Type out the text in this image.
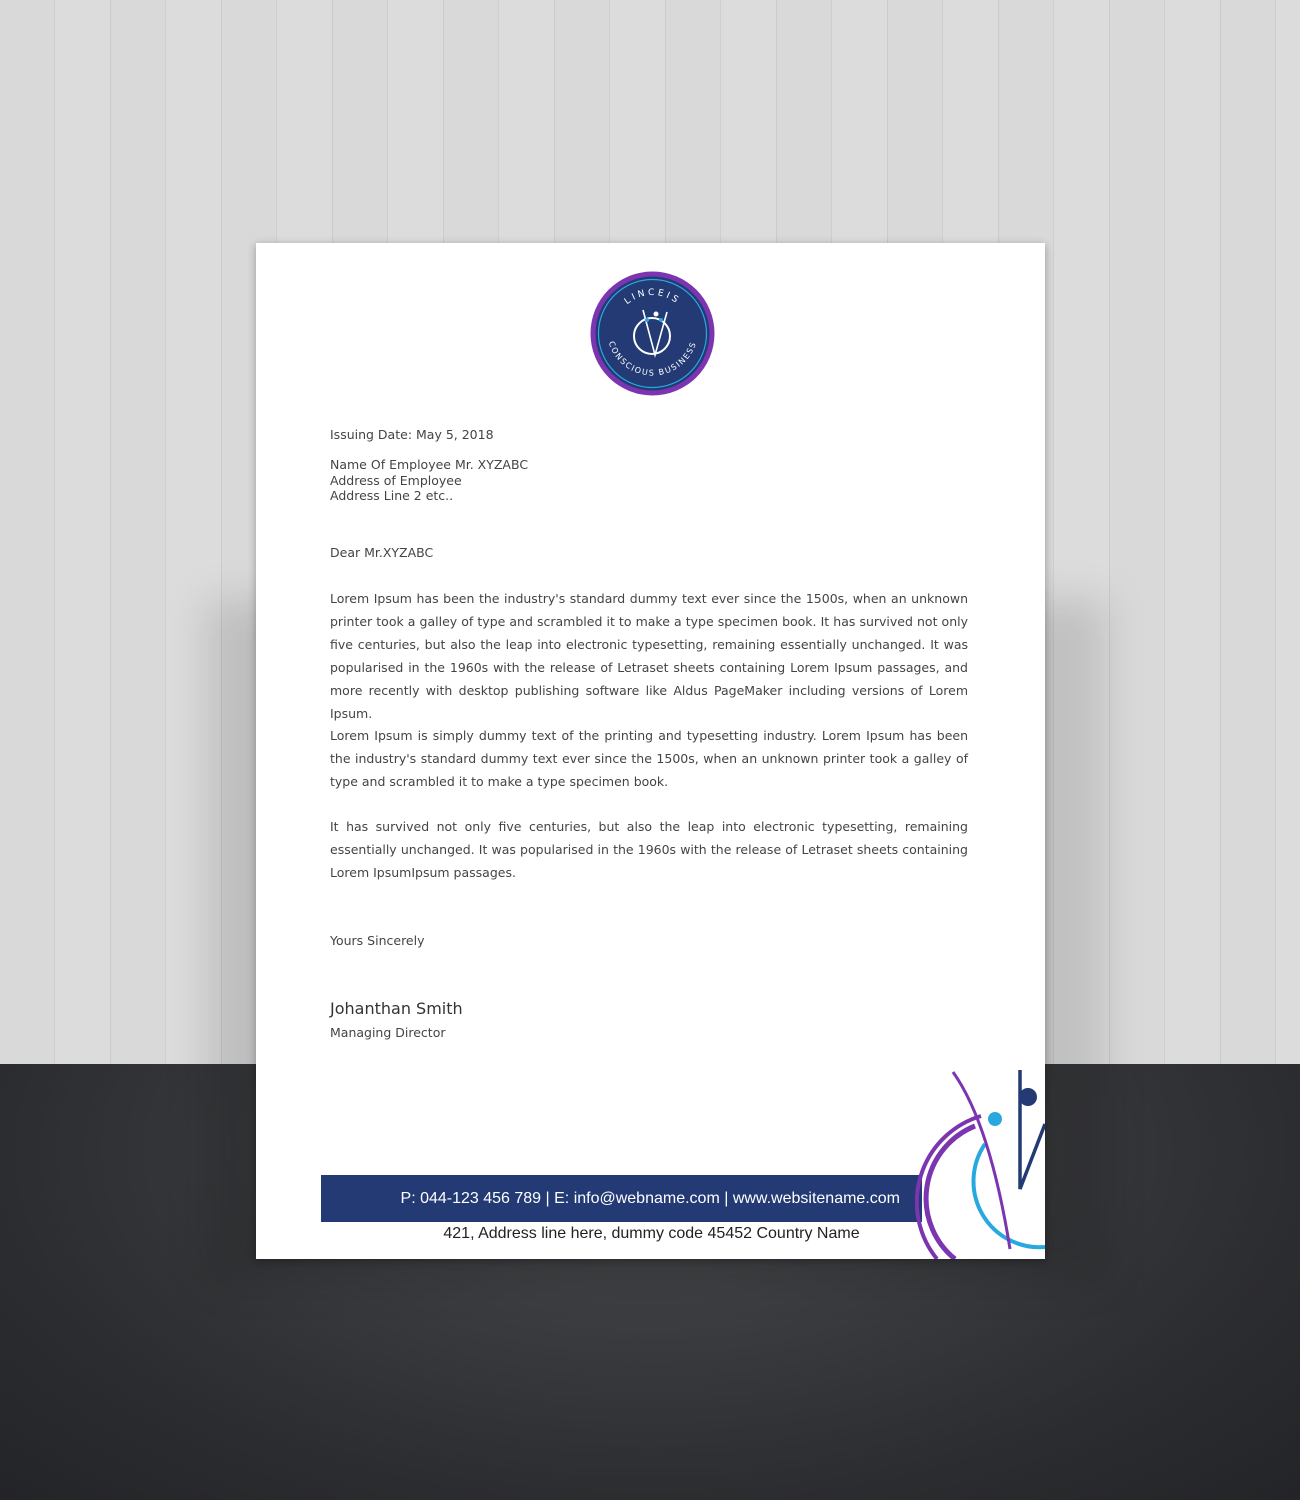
LINCEIS
CONSCIOUS BUSINESS
Issuing Date: May 5, 2018
Name Of Employee Mr. XYZABC
Address of Employee
Address Line 2 etc..
Dear Mr.XYZABC
Lorem Ipsum has been the industry's standard dummy text ever since the 1500s, when an unknown printer took a galley of type and scrambled it to make a type specimen book. It has survived not only five centuries, but also the leap into electronic typesetting, remaining essentially unchanged. It was popularised in the 1960s with the release of Letraset sheets containing Lorem Ipsum passages, and more recently with desktop publishing software like Aldus PageMaker including versions of Lorem Ipsum.
Lorem Ipsum is simply dummy text of the printing and typesetting industry. Lorem Ipsum has been the industry's standard dummy text ever since the 1500s, when an unknown printer took a galley of type and scrambled it to make a type specimen book.
It has survived not only five centuries, but also the leap into electronic typesetting, remaining essentially unchanged. It was popularised in the 1960s with the release of Letraset sheets containing Lorem IpsumIpsum passages.
Yours Sincerely
Johanthan Smith
Managing Director
P: 044-123 456 789 | E: info@webname.com | www.websitename.com
421, Address line here, dummy code 45452 Country Name
